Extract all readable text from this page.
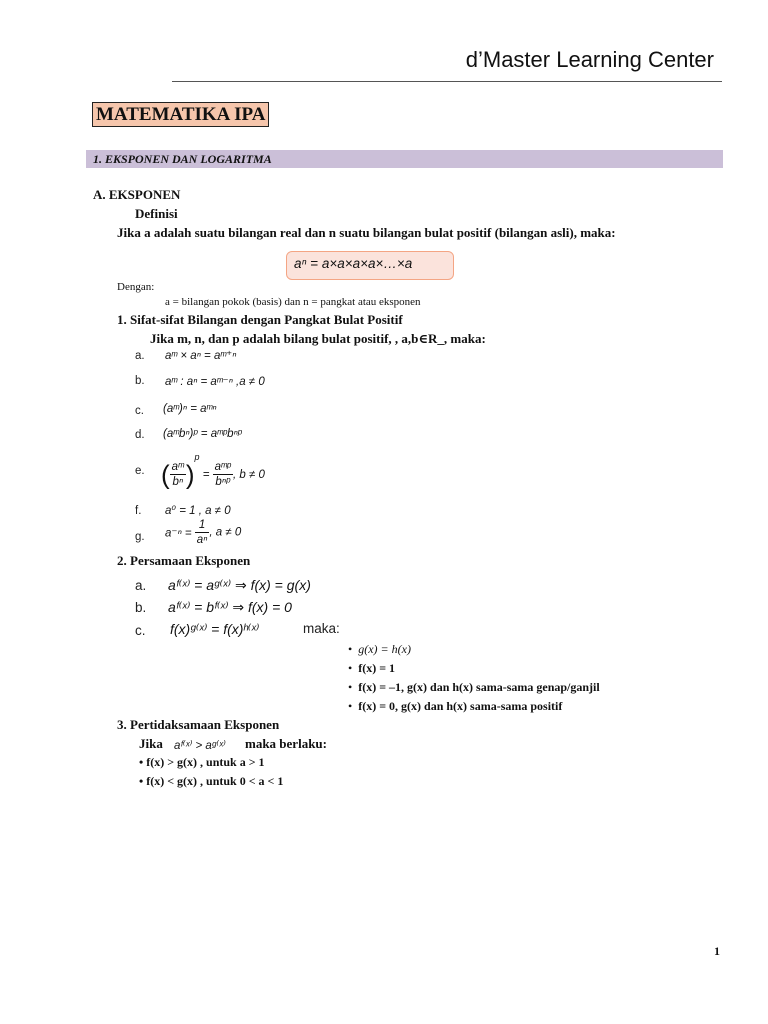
d’Master Learning Center
MATEMATIKA IPA
1. EKSPONEN DAN LOGARITMA
A. EKSPONEN
Definisi
Jika a adalah suatu bilangan real dan n suatu bilangan bulat positif (bilangan asli), maka:
aⁿ = a×a×a×a×…×a
Dengan:
a = bilangan pokok (basis) dan n = pangkat atau eksponen
1. Sifat-sifat Bilangan dengan Pangkat Bulat Positif
Jika m, n, dan p adalah bilang bulat positif, , a,b∈R_, maka:
a. aᵐ × aⁿ = aᵐ⁺ⁿ
b. aᵐ : aⁿ = aᵐ⁻ⁿ ,a ≠ 0
c. (aᵐ)ⁿ = aᵐⁿ
d. (aᵐbⁿ)ᵖ = aᵐᵖbⁿᵖ
e. ( $\frac{\text{aᵐ}}{\text{bⁿ}} )^p = \frac{\text{aᵐᵖ}}{\text{bⁿᵖ}}$ , b ≠ 0
f. a⁰ = 1 , a ≠ 0
g. $a^{-n} = \frac{1}{\text{aⁿ}}$ , a ≠ 0
2. Persamaan Eksponen
a. aᶠ⁽ˣ⁾ = aᵍ⁽ˣ⁾ ⇒ f(x) = g(x)
b. aᶠ⁽ˣ⁾ = bᶠ⁽ˣ⁾ ⇒ f(x) = 0
c. f(x)ᵍ⁽ˣ⁾ = f(x)ʰ⁽ˣ⁾	maka:
•  g(x) = h(x)
•  f(x) = 1
•  f(x) = –1, g(x) dan h(x) sama-sama genap/ganjil
•  f(x) = 0, g(x) dan h(x) sama-sama positif
3. Pertidaksamaan Eksponen
Jika aᶠ⁽ˣ⁾ > aᵍ⁽ˣ⁾ maka berlaku:
• f(x) > g(x) , untuk a > 1
• f(x) < g(x) , untuk 0 < a < 1
1
